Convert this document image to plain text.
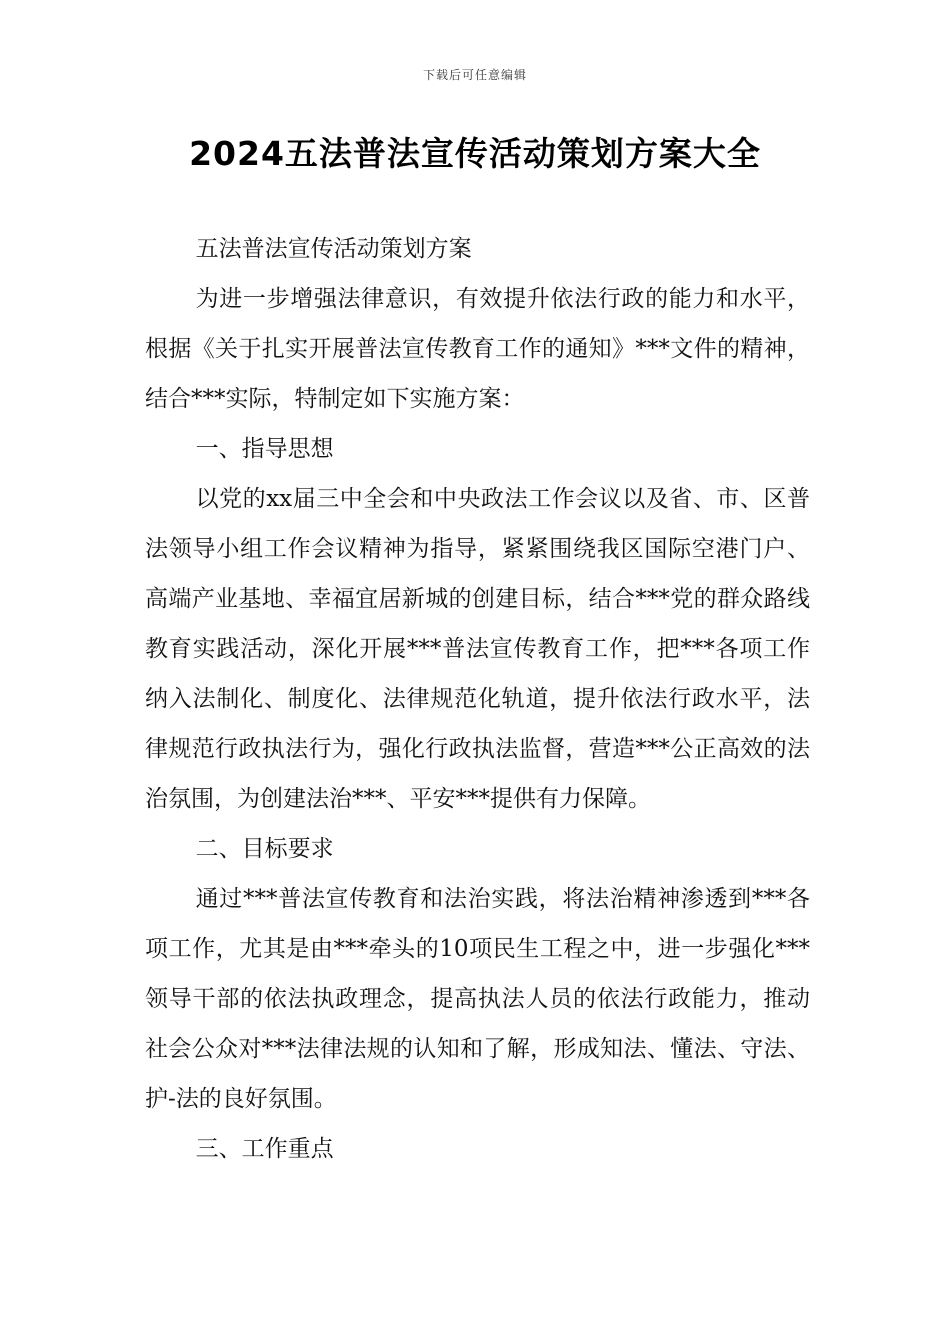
下载后可任意编辑
2024五法普法宣传活动策划方案大全

五法普法宣传活动策划方案

为进一步增强法律意识，有效提升依法行政的能力和水平，根据《关于扎实开展普法宣传教育工作的通知》***文件的精神，结合***实际，特制定如下实施方案：

一、指导思想

以党的xx届三中全会和中央政法工作会议以及省、市、区普法领导小组工作会议精神为指导，紧紧围绕我区国际空港门户、高端产业基地、幸福宜居新城的创建目标，结合***党的群众路线教育实践活动，深化开展***普法宣传教育工作，把***各项工作纳入法制化、制度化、法律规范化轨道，提升依法行政水平，法律规范行政执法行为，强化行政执法监督，营造***公正高效的法治氛围，为创建法治***、平安***提供有力保障。

二、目标要求

通过***普法宣传教育和法治实践，将法治精神渗透到***各项工作，尤其是由***牵头的10项民生工程之中，进一步强化***领导干部的依法执政理念，提高执法人员的依法行政能力，推动社会公众对***法律法规的认知和了解，形成知法、懂法、守法、护-法的良好氛围。

三、工作重点
